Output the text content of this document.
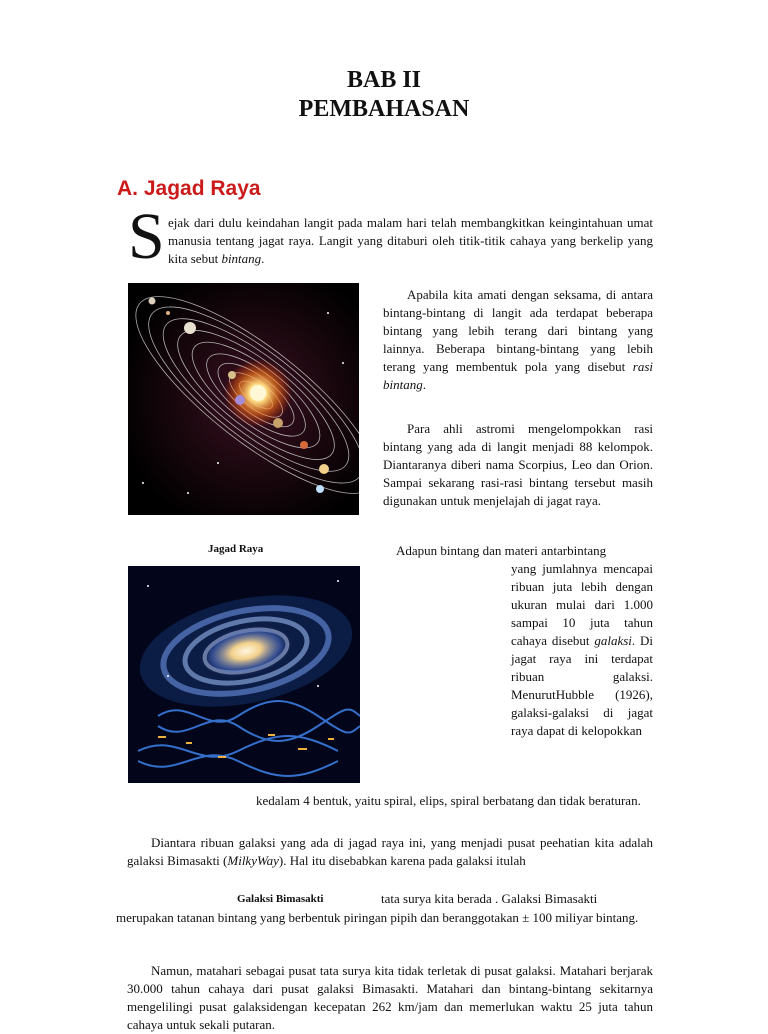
BAB II
PEMBAHASAN
A. Jagad Raya
S ejak dari dulu keindahan langit pada malam hari telah membangkitkan keingintahuan umat manusia tentang jagat raya. Langit yang ditaburi oleh titik-titik cahaya yang berkelip yang kita sebut bintang.
Apabila kita amati dengan seksama, di antara bintang-bintang di langit ada terdapat beberapa bintang yang lebih terang dari bintang yang lainnya. Beberapa bintang-bintang yang lebih terang yang membentuk pola yang disebut rasi bintang.
Para ahli astromi mengelompokkan rasi bintang yang ada di langit menjadi 88 kelompok. Diantaranya diberi nama Scorpius, Leo dan Orion. Sampai sekarang rasi-rasi bintang tersebut masih digunakan untuk menjelajah di jagat raya.
Jagad Raya	Adapun bintang dan materi antarbintang
yang jumlahnya mencapai ribuan juta lebih dengan ukuran mulai dari 1.000 sampai 10 juta tahun cahaya disebut galaksi. Di jagat raya ini terdapat ribuan galaksi. MenurutHubble (1926), galaksi-galaksi di jagat raya dapat di kelopokkan
kedalam 4 bentuk, yaitu spiral, elips, spiral berbatang dan tidak beraturan.
Diantara ribuan galaksi yang ada di jagad raya ini, yang menjadi pusat peehatian kita adalah galaksi Bimasakti (MilkyWay). Hal itu disebabkan karena pada galaksi itulah
Galaksi Bimasakti	tata surya kita berada . Galaksi Bimasakti
merupakan tatanan bintang yang berbentuk piringan pipih dan beranggotakan ± 100 miliyar bintang.
Namun, matahari sebagai pusat tata surya kita tidak terletak di pusat galaksi. Matahari berjarak 30.000 tahun cahaya dari pusat galaksi Bimasakti. Matahari dan bintang-bintang sekitarnya mengelilingi pusat galaksidengan kecepatan 262 km/jam dan memerlukan waktu 25 juta tahun cahaya untuk sekali putaran.
